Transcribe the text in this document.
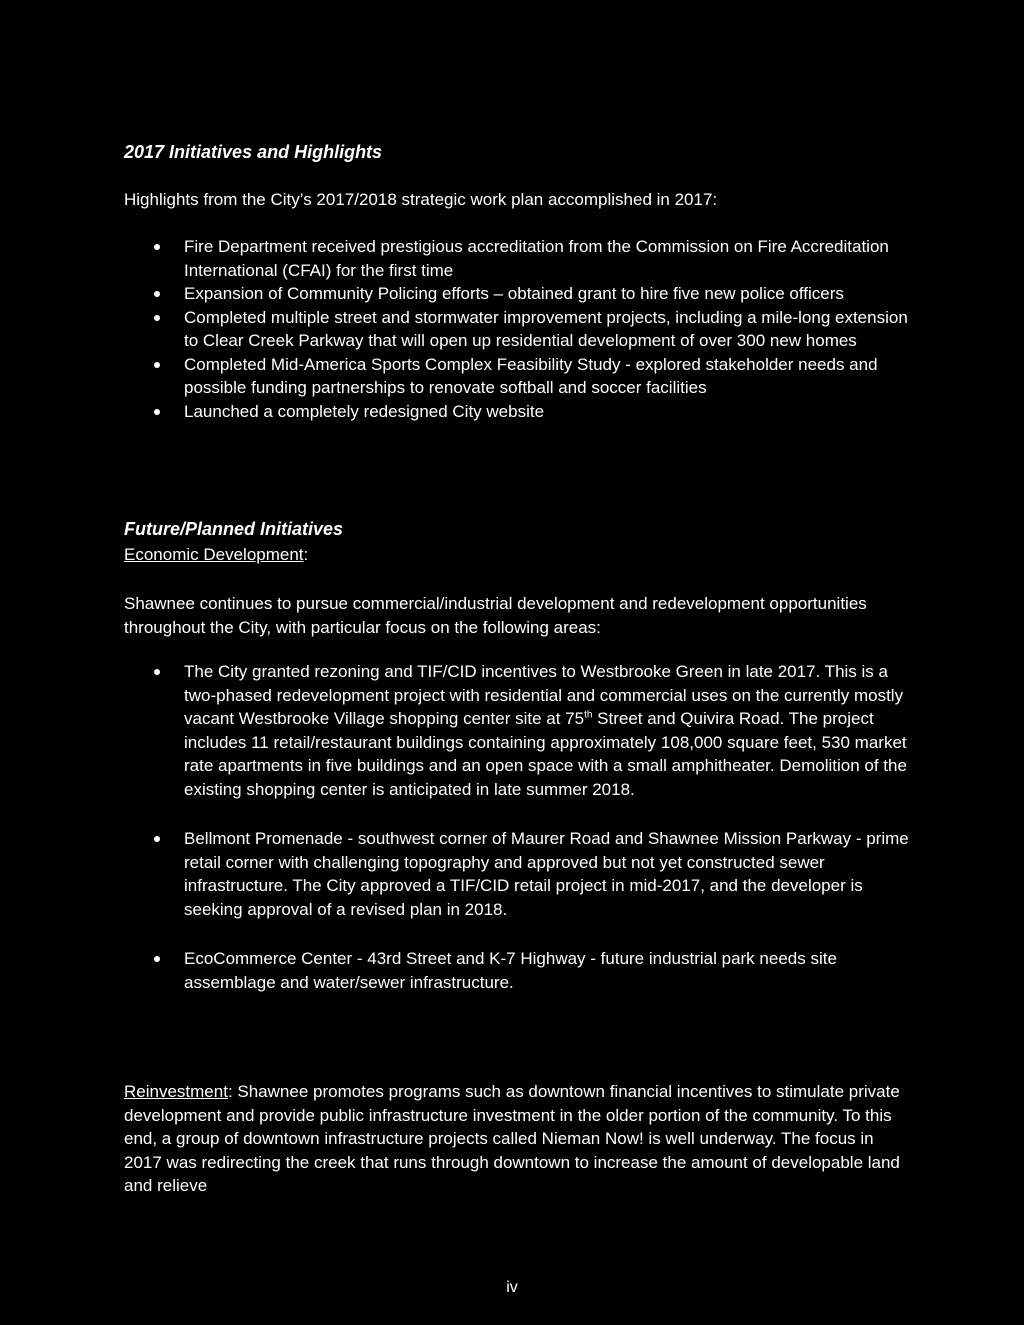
2017 Initiatives and Highlights
Highlights from the City’s 2017/2018 strategic work plan accomplished in 2017:
Fire Department received prestigious accreditation from the Commission on Fire Accreditation International (CFAI) for the first time
Expansion of Community Policing efforts – obtained grant to hire five new police officers
Completed multiple street and stormwater improvement projects, including a mile-long extension to Clear Creek Parkway that will open up residential development of over 300 new homes
Completed Mid-America Sports Complex Feasibility Study - explored stakeholder needs and possible funding partnerships to renovate softball and soccer facilities
Launched a completely redesigned City website
Future/Planned Initiatives
Economic Development:
Shawnee continues to pursue commercial/industrial development and redevelopment opportunities throughout the City, with particular focus on the following areas:
The City granted rezoning and TIF/CID incentives to Westbrooke Green in late 2017. This is a two-phased redevelopment project with residential and commercial uses on the currently mostly vacant Westbrooke Village shopping center site at 75th Street and Quivira Road. The project includes 11 retail/restaurant buildings containing approximately 108,000 square feet, 530 market rate apartments in five buildings and an open space with a small amphitheater. Demolition of the existing shopping center is anticipated in late summer 2018.
Bellmont Promenade - southwest corner of Maurer Road and Shawnee Mission Parkway - prime retail corner with challenging topography and approved but not yet constructed sewer infrastructure. The City approved a TIF/CID retail project in mid-2017, and the developer is seeking approval of a revised plan in 2018.
EcoCommerce Center - 43rd Street and K-7 Highway - future industrial park needs site assemblage and water/sewer infrastructure.
Reinvestment: Shawnee promotes programs such as downtown financial incentives to stimulate private development and provide public infrastructure investment in the older portion of the community. To this end, a group of downtown infrastructure projects called Nieman Now! is well underway. The focus in 2017 was redirecting the creek that runs through downtown to increase the amount of developable land and relieve
iv
